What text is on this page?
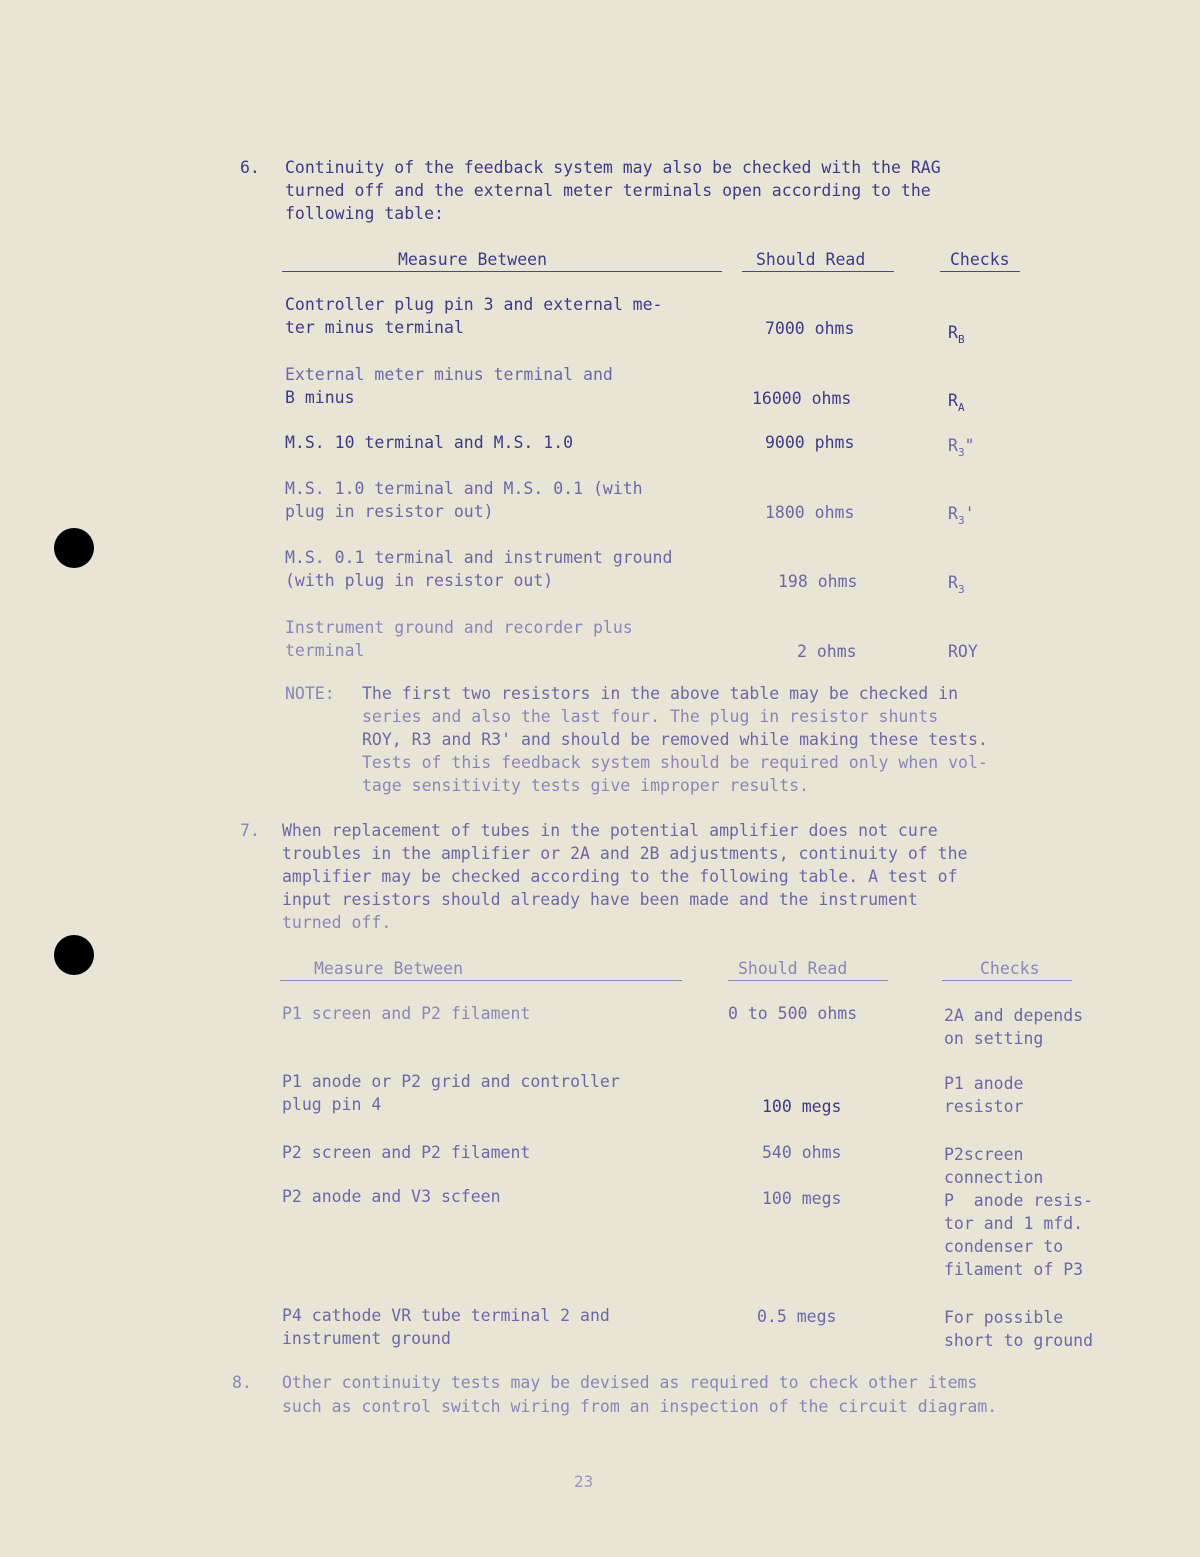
6. Continuity of the feedback system may also be checked with the RAG
turned off and the external meter terminals open according to the
following table:
Measure Between	Should Read	Checks
Controller plug pin 3 and external me-
ter minus terminal	7000 ohms	$R_B$
External meter minus terminal and
B minus	16000 ohms	$R_A$
M.S. 10 terminal and M.S. 1.0	9000 phms	$R_3$"
M.S. 1.0 terminal and M.S. 0.1 (with
plug in resistor out)	1800 ohms	$R_3'$
M.S. 0.1 terminal and instrument ground
(with plug in resistor out)	198 ohms	$R_3$
Instrument ground and recorder plus
terminal	2 ohms	ROY
NOTE: The first two resistors in the above table may be checked in
series and also the last four. The plug in resistor shunts
ROY, R3 and R3' and should be removed while making these tests.
Tests of this feedback system should be required only when vol-
tage sensitivity tests give improper results.
7. When replacement of tubes in the potential amplifier does not cure
troubles in the amplifier or 2A and 2B adjustments, continuity of the
amplifier may be checked according to the following table. A test of
input resistors should already have been made and the instrument
turned off.
Measure Between	Should Read	Checks
P1 screen and P2 filament	0 to 500 ohms	2A and depends
on setting
P1 anode or P2 grid and controller
plug pin 4	100 megs
P1 anode
resistor
P2 screen and P2 filament	540 ohms	P2screen
connection
P2 anode and V3 scfeen	100 megs	P  anode resis-
tor and 1 mfd.
condenser to
filament of P3
P4 cathode VR tube terminal 2 and
instrument ground
0.5 megs	For possible
short to ground
8. Other continuity tests may be devised as required to check other items
such as control switch wiring from an inspection of the circuit diagram.
23
